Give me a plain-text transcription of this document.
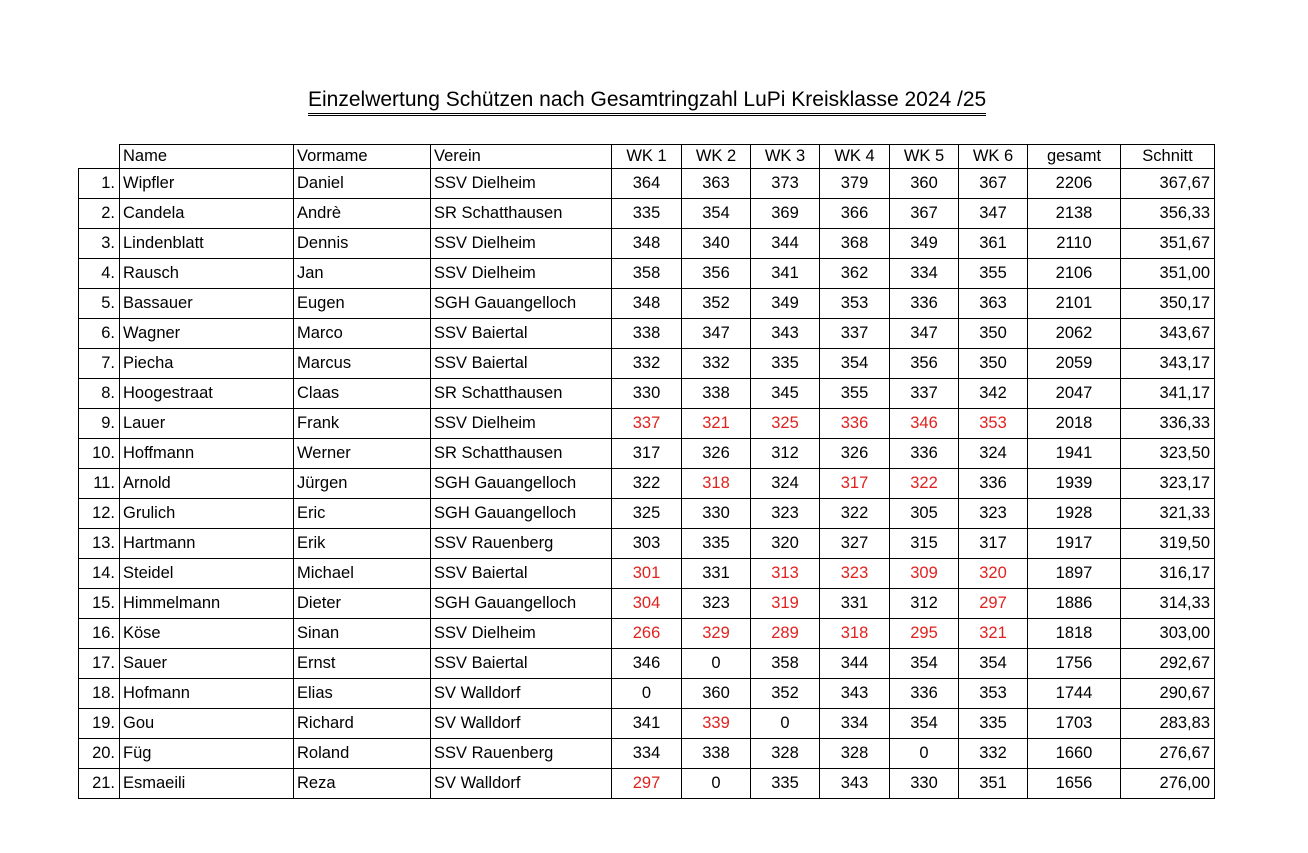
Einzelwertung Schützen nach Gesamtringzahl LuPi Kreisklasse 2024 /25
	Name	Vormame	Verein	WK 1	WK 2	WK 3	WK 4	WK 5	WK 6	gesamt	Schnitt
1.	Wipfler	Daniel	SSV Dielheim	364	363	373	379	360	367	2206	367,67
2.	Candela	Andrè	SR Schatthausen	335	354	369	366	367	347	2138	356,33
3.	Lindenblatt	Dennis	SSV Dielheim	348	340	344	368	349	361	2110	351,67
4.	Rausch	Jan	SSV Dielheim	358	356	341	362	334	355	2106	351,00
5.	Bassauer	Eugen	SGH Gauangelloch	348	352	349	353	336	363	2101	350,17
6.	Wagner	Marco	SSV Baiertal	338	347	343	337	347	350	2062	343,67
7.	Piecha	Marcus	SSV Baiertal	332	332	335	354	356	350	2059	343,17
8.	Hoogestraat	Claas	SR Schatthausen	330	338	345	355	337	342	2047	341,17
9.	Lauer	Frank	SSV Dielheim	337	321	325	336	346	353	2018	336,33
10.	Hoffmann	Werner	SR Schatthausen	317	326	312	326	336	324	1941	323,50
11.	Arnold	Jürgen	SGH Gauangelloch	322	318	324	317	322	336	1939	323,17
12.	Grulich	Eric	SGH Gauangelloch	325	330	323	322	305	323	1928	321,33
13.	Hartmann	Erik	SSV Rauenberg	303	335	320	327	315	317	1917	319,50
14.	Steidel	Michael	SSV Baiertal	301	331	313	323	309	320	1897	316,17
15.	Himmelmann	Dieter	SGH Gauangelloch	304	323	319	331	312	297	1886	314,33
16.	Köse	Sinan	SSV Dielheim	266	329	289	318	295	321	1818	303,00
17.	Sauer	Ernst	SSV Baiertal	346	0	358	344	354	354	1756	292,67
18.	Hofmann	Elias	SV Walldorf	0	360	352	343	336	353	1744	290,67
19.	Gou	Richard	SV Walldorf	341	339	0	334	354	335	1703	283,83
20.	Füg	Roland	SSV Rauenberg	334	338	328	328	0	332	1660	276,67
21.	Esmaeili	Reza	SV Walldorf	297	0	335	343	330	351	1656	276,00
